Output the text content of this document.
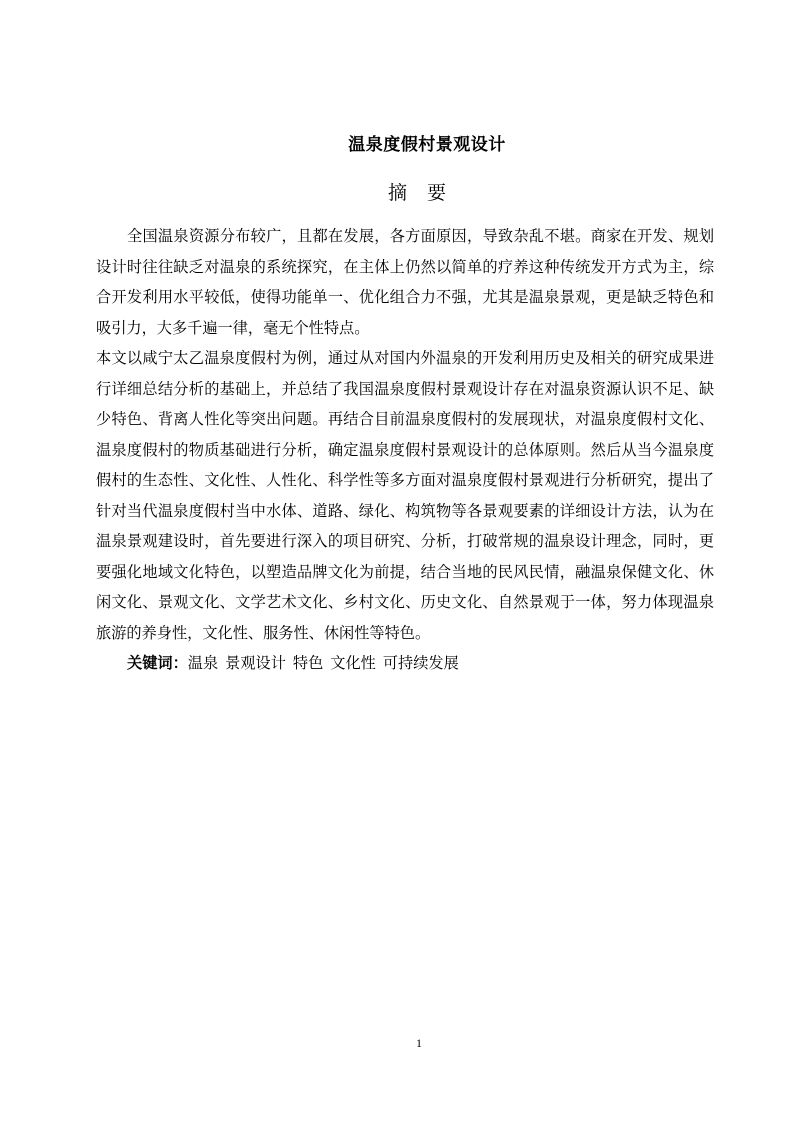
温泉度假村景观设计
摘要

全国温泉资源分布较广，且都在发展，各方面原因，导致杂乱不堪。商家在开发、规划设计时往往缺乏对温泉的系统探究，在主体上仍然以简单的疗养这种传统发开方式为主，综合开发利用水平较低，使得功能单一、优化组合力不强，尤其是温泉景观，更是缺乏特色和吸引力，大多千遍一律，毫无个性特点。

本文以咸宁太乙温泉度假村为例，通过从对国内外温泉的开发利用历史及相关的研究成果进行详细总结分析的基础上，并总结了我国温泉度假村景观设计存在对温泉资源认识不足、缺少特色、背离人性化等突出问题。再结合目前温泉度假村的发展现状，对温泉度假村文化、温泉度假村的物质基础进行分析，确定温泉度假村景观设计的总体原则。然后从当今温泉度假村的生态性、文化性、人性化、科学性等多方面对温泉度假村景观进行分析研究，提出了针对当代温泉度假村当中水体、道路、绿化、构筑物等各景观要素的详细设计方法，认为在温泉景观建设时，首先要进行深入的项目研究、分析，打破常规的温泉设计理念，同时，更要强化地域文化特色，以塑造品牌文化为前提，结合当地的民风民情，融温泉保健文化、休闲文化、景观文化、文学艺术文化、乡村文化、历史文化、自然景观于一体，努力体现温泉旅游的养身性，文化性、服务性、休闲性等特色。

关键词：温泉 景观设计 特色 文化性 可持续发展

1
